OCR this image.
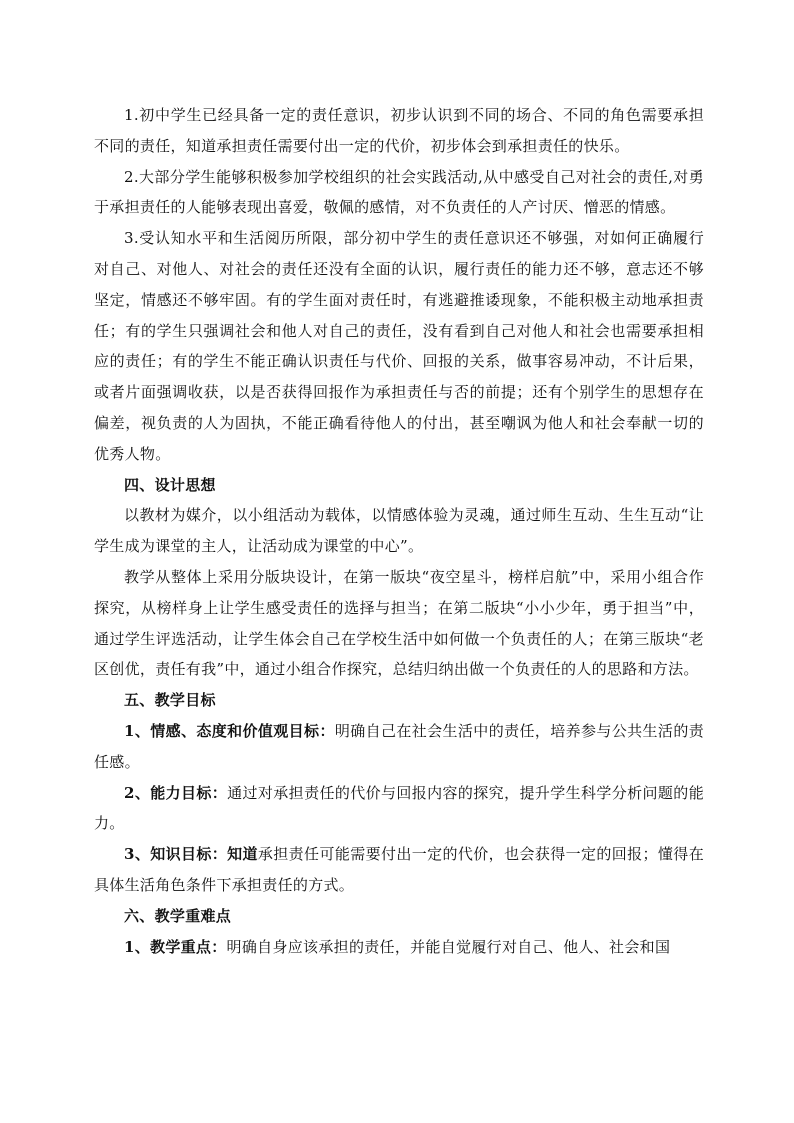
1.初中学生已经具备一定的责任意识，初步认识到不同的场合、不同的角色需要承担不同的责任，知道承担责任需要付出一定的代价，初步体会到承担责任的快乐。

2.大部分学生能够积极参加学校组织的社会实践活动,从中感受自己对社会的责任,对勇于承担责任的人能够表现出喜爱，敬佩的感情，对不负责任的人产讨厌、憎恶的情感。

3.受认知水平和生活阅历所限，部分初中学生的责任意识还不够强，对如何正确履行对自己、对他人、对社会的责任还没有全面的认识，履行责任的能力还不够，意志还不够坚定，情感还不够牢固。有的学生面对责任时，有逃避推诿现象，不能积极主动地承担责任；有的学生只强调社会和他人对自己的责任，没有看到自己对他人和社会也需要承担相应的责任；有的学生不能正确认识责任与代价、回报的关系，做事容易冲动，不计后果，或者片面强调收获，以是否获得回报作为承担责任与否的前提；还有个别学生的思想存在偏差，视负责的人为固执，不能正确看待他人的付出，甚至嘲讽为他人和社会奉献一切的优秀人物。

四、设计思想

以教材为媒介，以小组活动为载体，以情感体验为灵魂，通过师生互动、生生互动“让学生成为课堂的主人，让活动成为课堂的中心”。

教学从整体上采用分版块设计，在第一版块“夜空星斗，榜样启航”中，采用小组合作探究，从榜样身上让学生感受责任的选择与担当；在第二版块“小小少年，勇于担当”中，通过学生评选活动，让学生体会自己在学校生活中如何做一个负责任的人；在第三版块“老区创优，责任有我”中，通过小组合作探究，总结归纳出做一个负责任的人的思路和方法。

五、教学目标

1、情感、态度和价值观目标：明确自己在社会生活中的责任，培养参与公共生活的责任感。

2、能力目标：通过对承担责任的代价与回报内容的探究，提升学生科学分析问题的能力。

3、知识目标：知道承担责任可能需要付出一定的代价，也会获得一定的回报；懂得在具体生活角色条件下承担责任的方式。

六、教学重难点

1、教学重点：明确自身应该承担的责任，并能自觉履行对自己、他人、社会和国
